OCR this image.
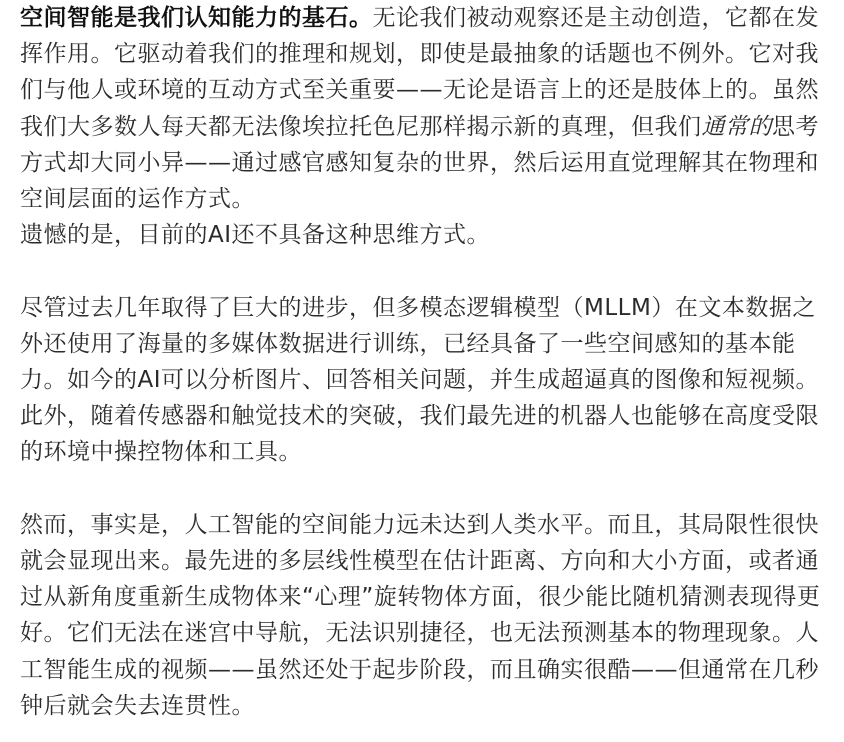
空间智能是我们认知能力的基石。无论我们被动观察还是主动创造，它都在发挥作用。它驱动着我们的推理和规划，即使是最抽象的话题也不例外。它对我们与他人或环境的互动方式至关重要——无论是语言上的还是肢体上的。虽然我们大多数人每天都无法像埃拉托色尼那样揭示新的真理，但我们通常的思考方式却大同小异——通过感官感知复杂的世界，然后运用直觉理解其在物理和空间层面的运作方式。
遗憾的是，目前的AI还不具备这种思维方式。

尽管过去几年取得了巨大的进步，但多模态逻辑模型（MLLM）在文本数据之外还使用了海量的多媒体数据进行训练，已经具备了一些空间感知的基本能力。如今的AI可以分析图片、回答相关问题，并生成超逼真的图像和短视频。此外，随着传感器和触觉技术的突破，我们最先进的机器人也能够在高度受限的环境中操控物体和工具。

然而，事实是，人工智能的空间能力远未达到人类水平。而且，其局限性很快就会显现出来。最先进的多层线性模型在估计距离、方向和大小方面，或者通过从新角度重新生成物体来“心理”旋转物体方面，很少能比随机猜测表现得更好。它们无法在迷宫中导航，无法识别捷径，也无法预测基本的物理现象。人工智能生成的视频——虽然还处于起步阶段，而且确实很酷——但通常在几秒钟后就会失去连贯性。
